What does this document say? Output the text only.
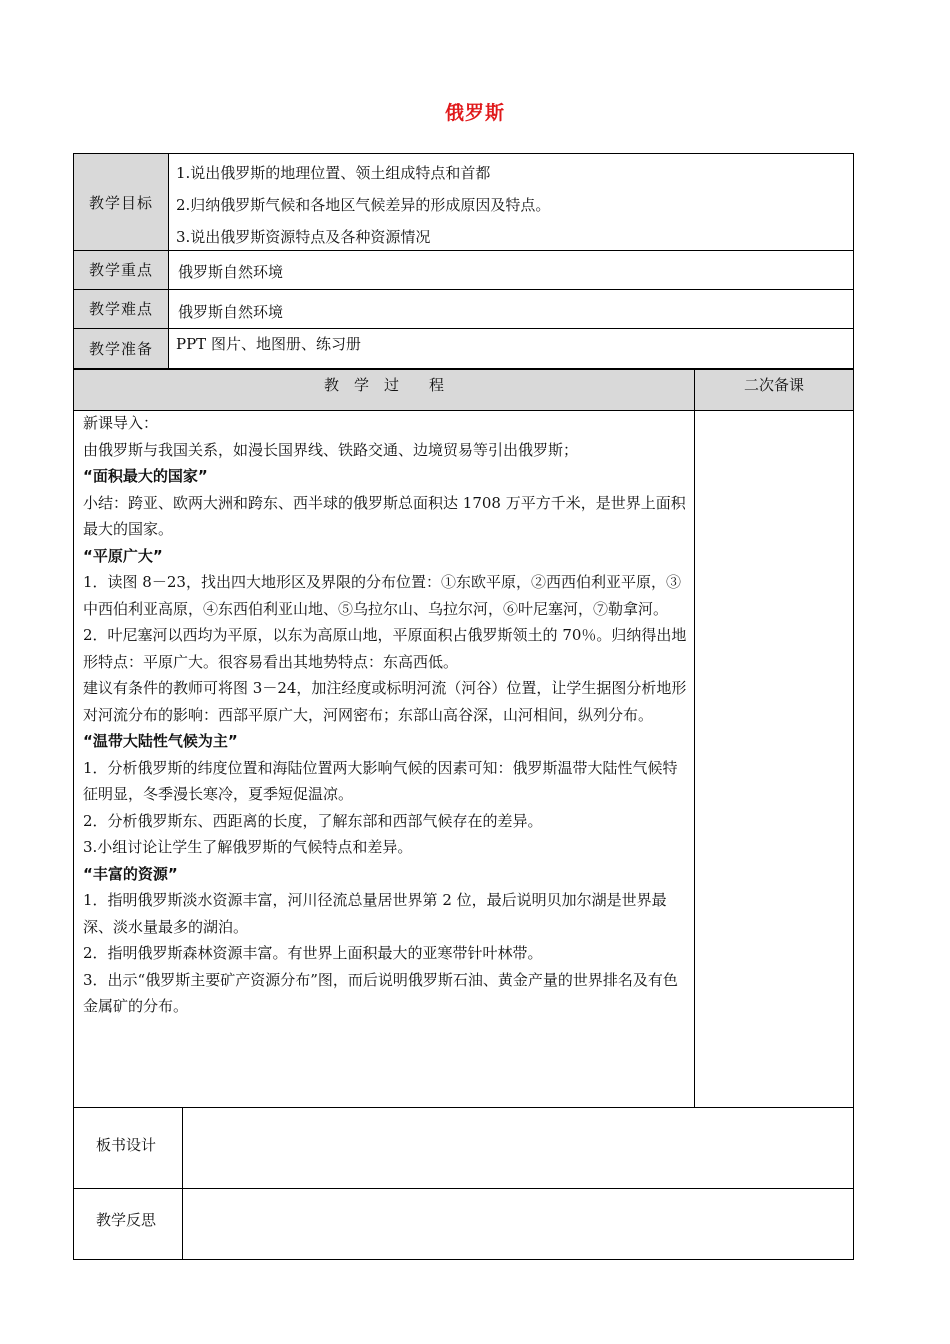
俄罗斯
教学目标
教学重点
教学难点
教学准备
1.说出俄罗斯的地理位置、领土组成特点和首都
2.归纳俄罗斯气候和各地区气候差异的形成原因及特点。
3.说出俄罗斯资源特点及各种资源情况
俄罗斯自然环境
俄罗斯自然环境
PPT 图片、地图册、练习册
教　学　过　　程	二次备课

新课导入：

由俄罗斯与我国关系，如漫长国界线、铁路交通、边境贸易等引出俄罗斯；

“面积最大的国家”

小结：跨亚、欧两大洲和跨东、西半球的俄罗斯总面积达 1708 万平方千米，是世界上面积最大的国家。

“平原广大”

1．读图 8－23，找出四大地形区及界限的分布位置：①东欧平原，②西西伯利亚平原，③中西伯利亚高原，④东西伯利亚山地、⑤乌拉尔山、乌拉尔河，⑥叶尼塞河，⑦勒拿河。2．叶尼塞河以西均为平原，以东为高原山地，平原面积占俄罗斯领土的 70％。归纳得出地形特点：平原广大。很容易看出其地势特点：东高西低。

建议有条件的教师可将图 3－24，加注经度或标明河流（河谷）位置，让学生据图分析地形对河流分布的影响：西部平原广大，河网密布；东部山高谷深，山河相间，纵列分布。

“温带大陆性气候为主”

1．分析俄罗斯的纬度位置和海陆位置两大影响气候的因素可知：俄罗斯温带大陆性气候特征明显，冬季漫长寒冷，夏季短促温凉。

2．分析俄罗斯东、西距离的长度，了解东部和西部气候存在的差异。

3.小组讨论让学生了解俄罗斯的气候特点和差异。

“丰富的资源”

1．指明俄罗斯淡水资源丰富，河川径流总量居世界第 2 位，最后说明贝加尔湖是世界最深、淡水量最多的湖泊。

2．指明俄罗斯森林资源丰富。有世界上面积最大的亚寒带针叶林带。

3．出示“俄罗斯主要矿产资源分布”图，而后说明俄罗斯石油、黄金产量的世界排名及有色金属矿的分布。

板书设计
教学反思
